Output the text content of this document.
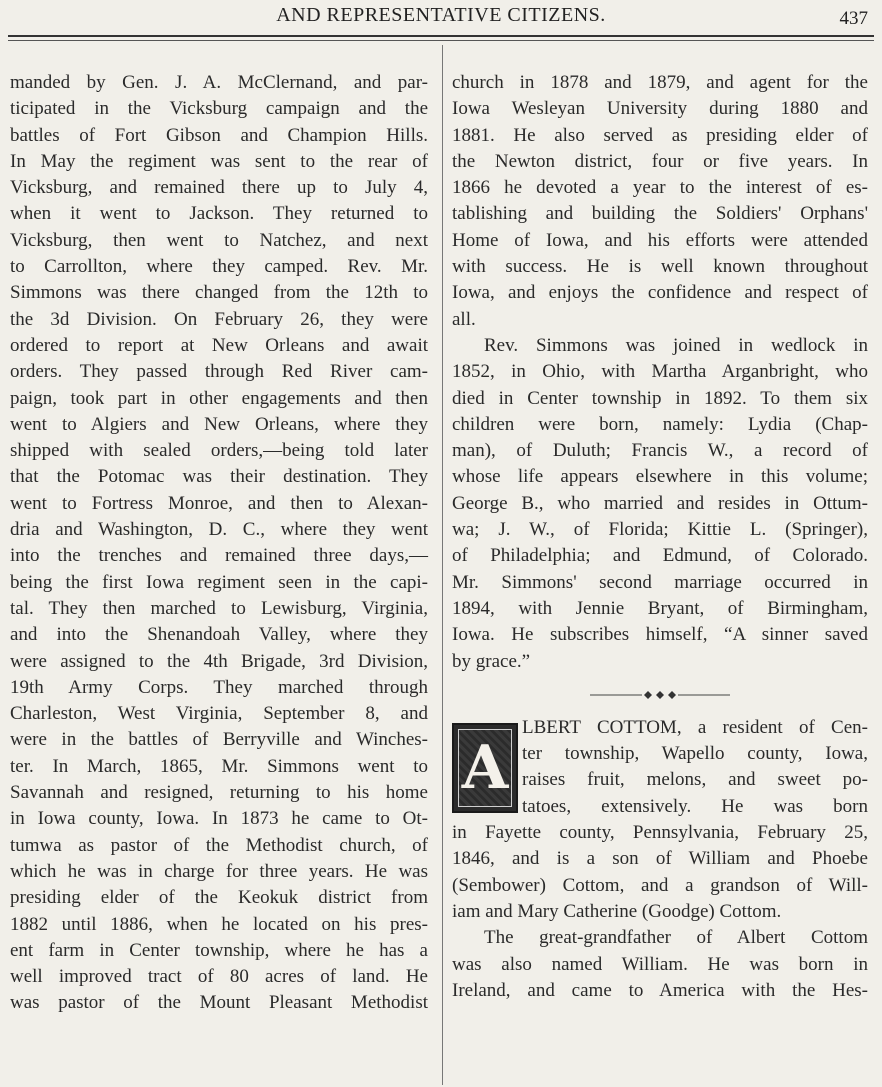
AND REPRESENTATIVE CITIZENS.	437
manded by Gen. J. A. McClernand, and par-
ticipated in the Vicksburg campaign and the
battles of Fort Gibson and Champion Hills.
In May the regiment was sent to the rear of
Vicksburg, and remained there up to July 4,
when it went to Jackson. They returned to
Vicksburg, then went to Natchez, and next
to Carrollton, where they camped. Rev. Mr.
Simmons was there changed from the 12th to
the 3d Division. On February 26, they were
ordered to report at New Orleans and await
orders. They passed through Red River cam-
paign, took part in other engagements and then
went to Algiers and New Orleans, where they
shipped with sealed orders,—being told later
that the Potomac was their destination. They
went to Fortress Monroe, and then to Alexan-
dria and Washington, D. C., where they went
into the trenches and remained three days,—
being the first Iowa regiment seen in the capi-
tal. They then marched to Lewisburg, Virginia,
and into the Shenandoah Valley, where they
were assigned to the 4th Brigade, 3rd Division,
19th Army Corps. They marched through
Charleston, West Virginia, September 8, and
were in the battles of Berryville and Winches-
ter. In March, 1865, Mr. Simmons went to
Savannah and resigned, returning to his home
in Iowa county, Iowa. In 1873 he came to Ot-
tumwa as pastor of the Methodist church, of
which he was in charge for three years. He was
presiding elder of the Keokuk district from
1882 until 1886, when he located on his pres-
ent farm in Center township, where he has a
well improved tract of 80 acres of land. He
was pastor of the Mount Pleasant Methodist
church in 1878 and 1879, and agent for the
Iowa Wesleyan University during 1880 and
1881. He also served as presiding elder of
the Newton district, four or five years. In
1866 he devoted a year to the interest of es-
tablishing and building the Soldiers' Orphans'
Home of Iowa, and his efforts were attended
with success. He is well known throughout
Iowa, and enjoys the confidence and respect of
all.
Rev. Simmons was joined in wedlock in
1852, in Ohio, with Martha Arganbright, who
died in Center township in 1892. To them six
children were born, namely: Lydia (Chap-
man), of Duluth; Francis W., a record of
whose life appears elsewhere in this volume;
George B., who married and resides in Ottum-
wa; J. W., of Florida; Kittie L. (Springer),
of Philadelphia; and Edmund, of Colorado.
Mr. Simmons' second marriage occurred in
1894, with Jennie Bryant, of Birmingham,
Iowa. He subscribes himself, “A sinner saved
by grace.”
A
LBERT COTTOM, a resident of Cen-
ter township, Wapello county, Iowa,
raises fruit, melons, and sweet po-
tatoes, extensively. He was born
in Fayette county, Pennsylvania, February 25,
1846, and is a son of William and Phoebe
(Sembower) Cottom, and a grandson of Will-
iam and Mary Catherine (Goodge) Cottom.
The great-grandfather of Albert Cottom
was also named William. He was born in
Ireland, and came to America with the Hes-
